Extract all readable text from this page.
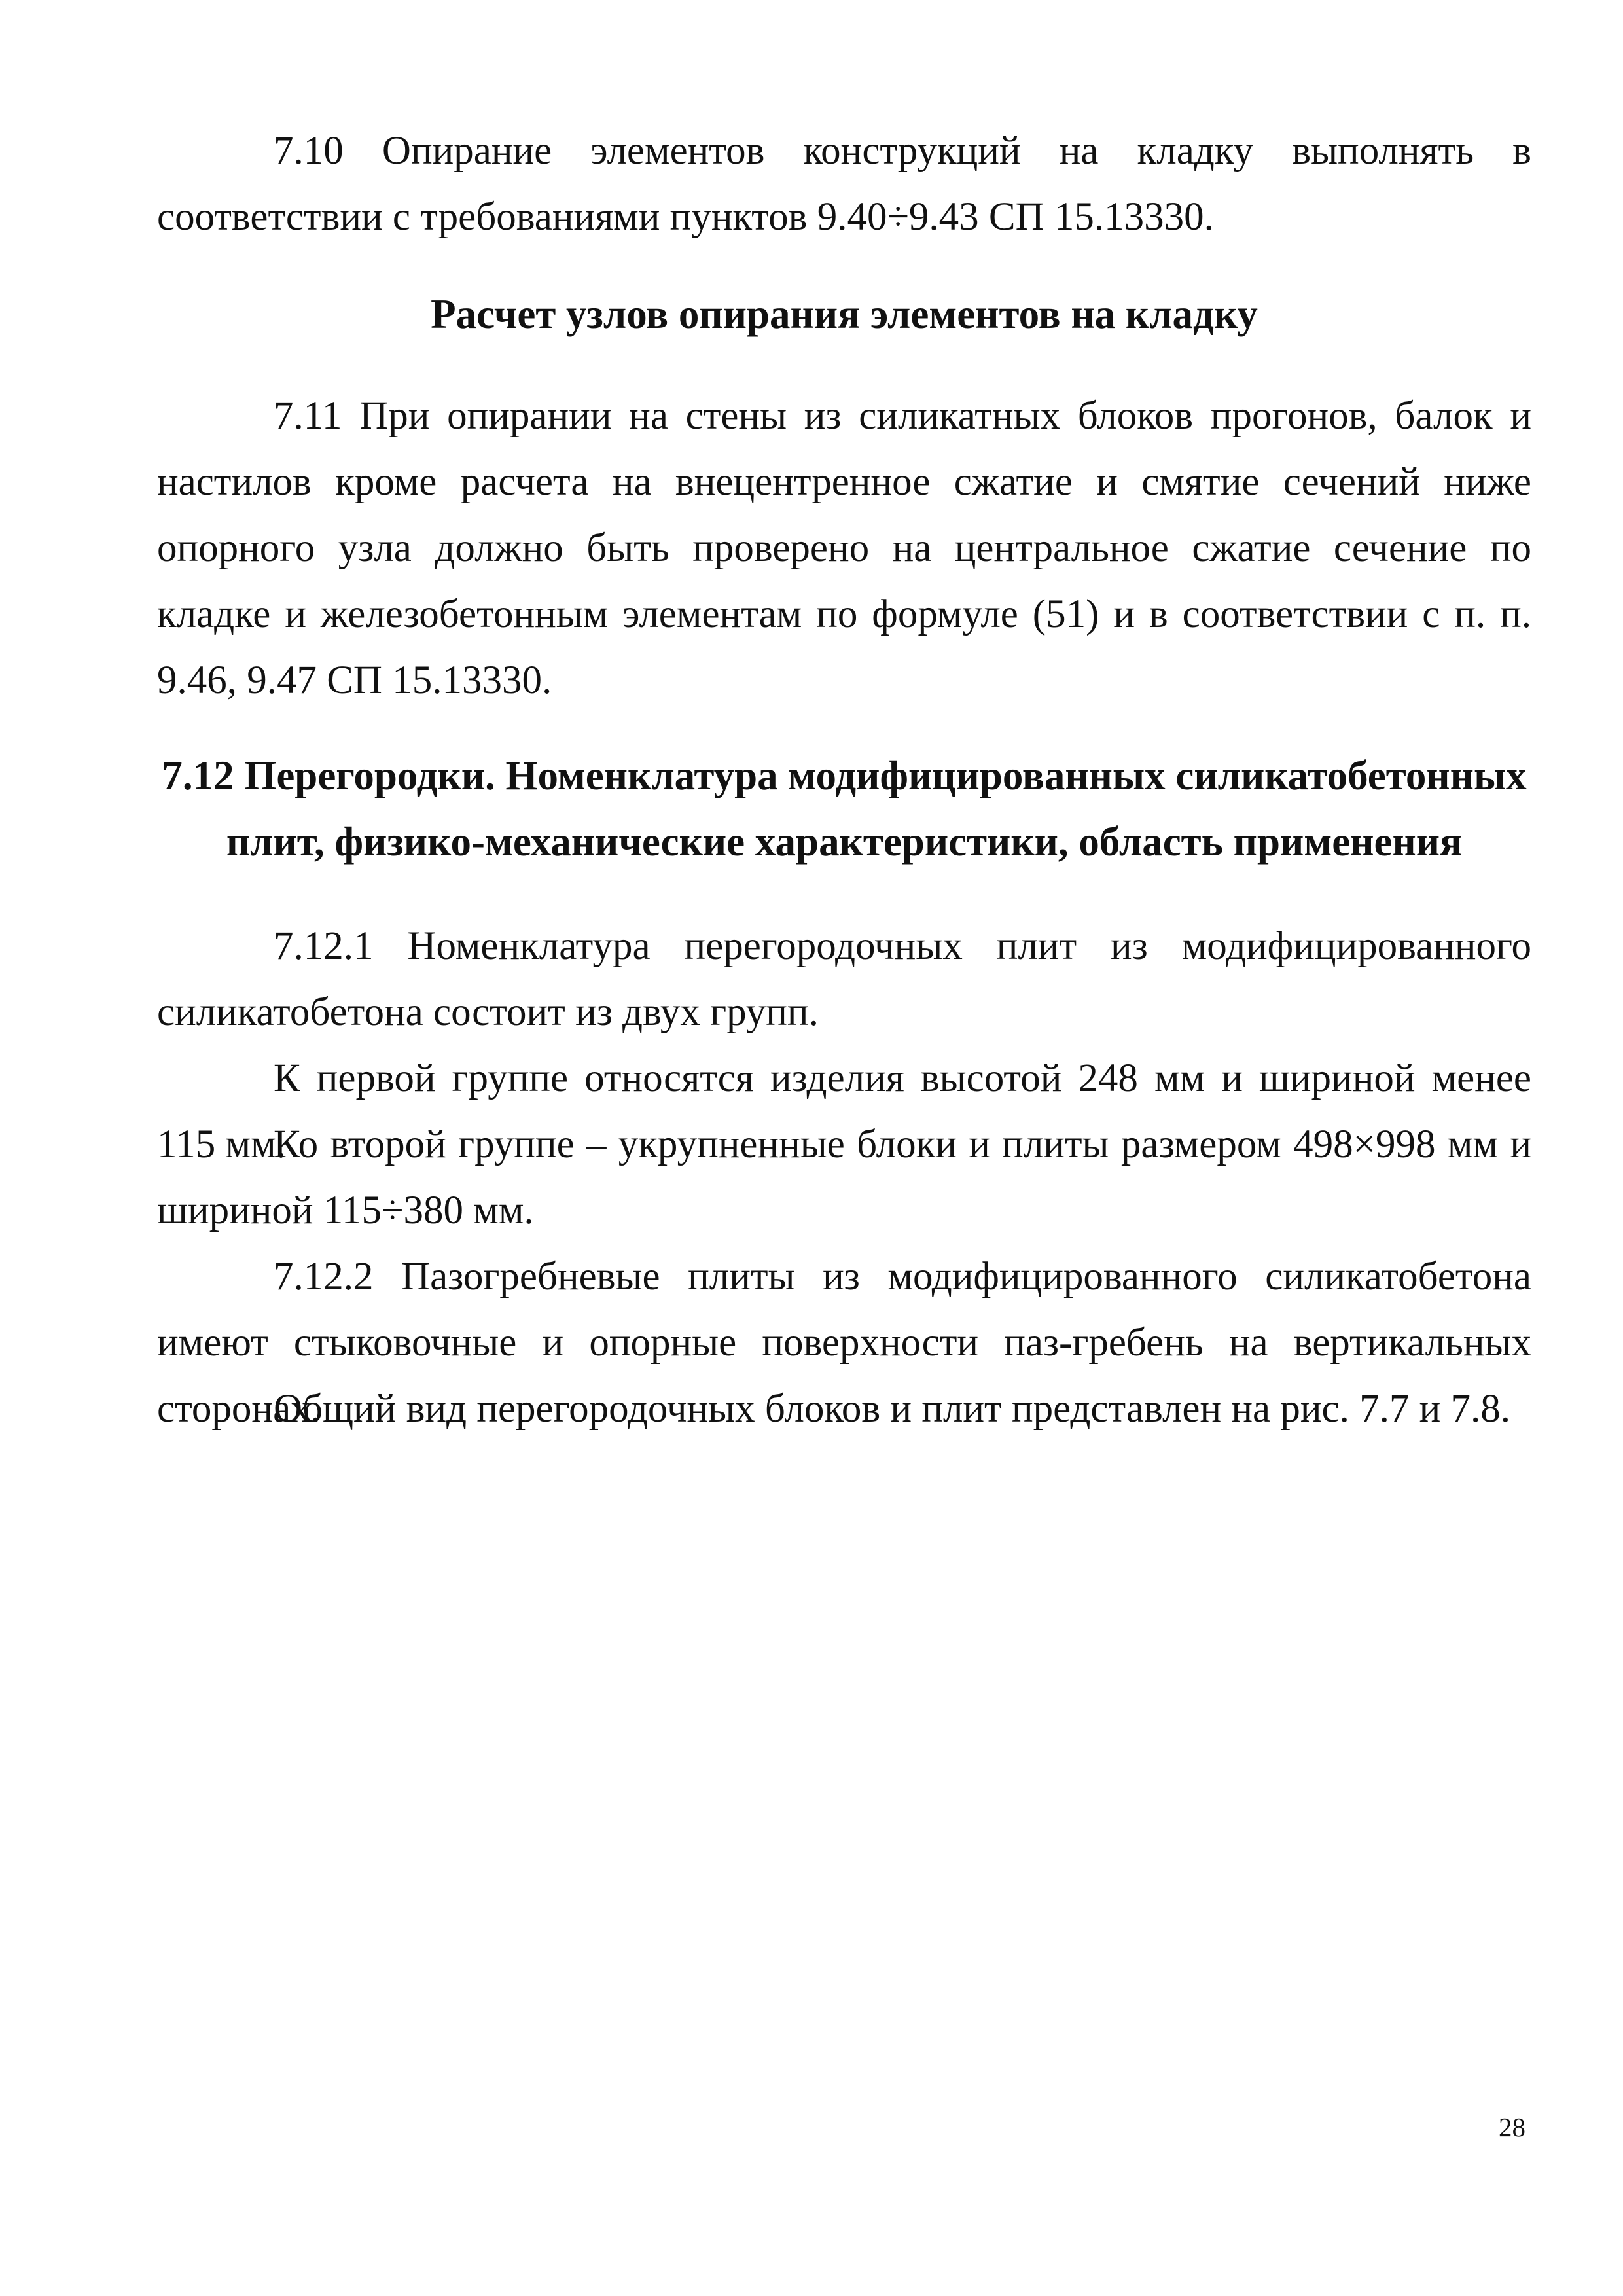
7.10 Опирание элементов конструкций на кладку выполнять в соответствии с требованиями пунктов 9.40÷9.43 СП 15.13330.

Расчет узлов опирания элементов на кладку

7.11 При опирании на стены из силикатных блоков прогонов, балок и настилов кроме расчета на внецентренное сжатие и смятие сечений ниже опорного узла должно быть проверено на центральное сжатие сечение по кладке и железобетонным элементам по формуле (51) и в соответствии с п. п. 9.46, 9.47 СП 15.13330.

7.12 Перегородки. Номенклатура модифицированных силикатобетонных плит, физико-механические характеристики, область применения

7.12.1 Номенклатура перегородочных плит из модифицированного силикатобетона состоит из двух групп.

К первой группе относятся изделия высотой 248 мм и шириной менее 115 мм.

Ко второй группе – укрупненные блоки и плиты размером 498×998 мм и шириной 115÷380 мм.

7.12.2 Пазогребневые плиты из модифицированного силикатобетона имеют стыковочные и опорные поверхности паз-гребень на вертикальных сторонах.

Общий вид перегородочных блоков и плит представлен на рис. 7.7 и 7.8.

28
